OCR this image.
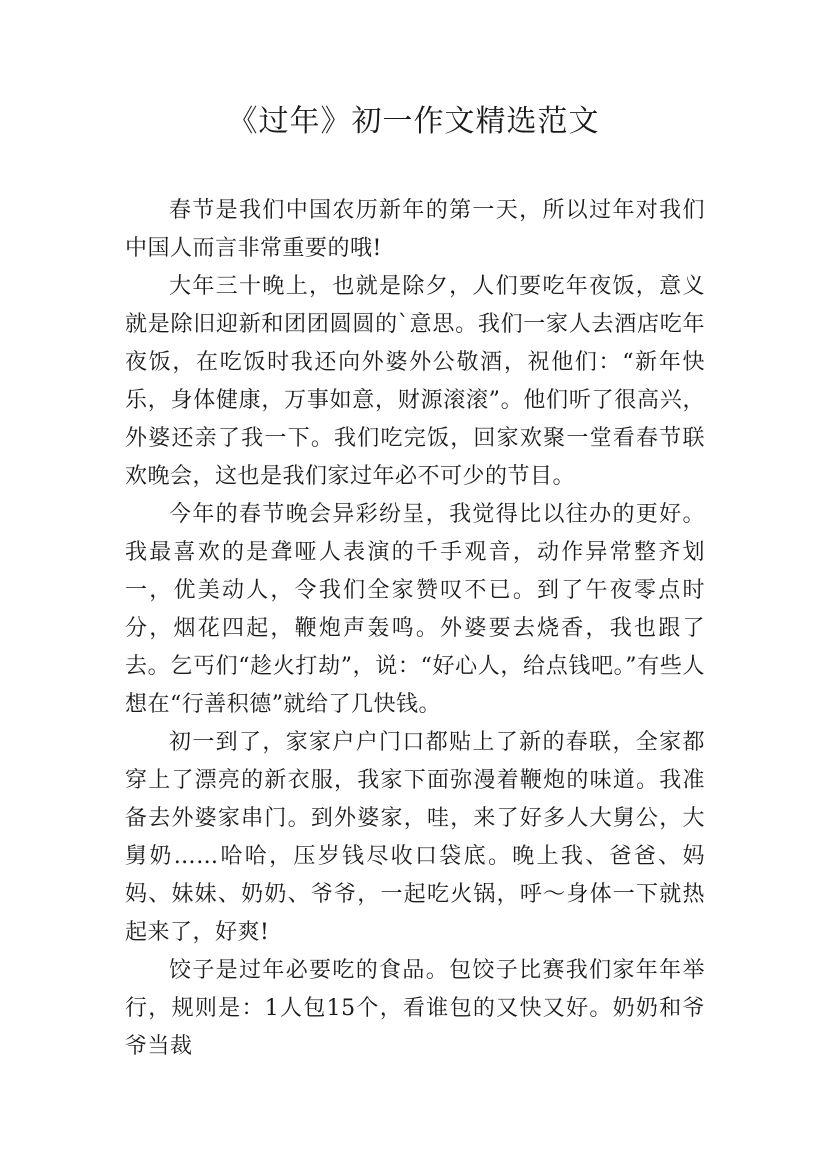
《过年》初一作文精选范文

春节是我们中国农历新年的第一天，所以过年对我们中国人而言非常重要的哦!

大年三十晚上，也就是除夕，人们要吃年夜饭，意义就是除旧迎新和团团圆圆的`意思。我们一家人去酒店吃年夜饭，在吃饭时我还向外婆外公敬酒，祝他们：“新年快乐，身体健康，万事如意，财源滚滚”。他们听了很高兴，外婆还亲了我一下。我们吃完饭，回家欢聚一堂看春节联欢晚会，这也是我们家过年必不可少的节目。

今年的春节晚会异彩纷呈，我觉得比以往办的更好。我最喜欢的是聋哑人表演的千手观音，动作异常整齐划一，优美动人，令我们全家赞叹不已。到了午夜零点时分，烟花四起，鞭炮声轰鸣。外婆要去烧香，我也跟了去。乞丐们“趁火打劫”，说：“好心人，给点钱吧。”有些人想在“行善积德”就给了几快钱。

初一到了，家家户户门口都贴上了新的春联，全家都穿上了漂亮的新衣服，我家下面弥漫着鞭炮的味道。我准备去外婆家串门。到外婆家，哇，来了好多人大舅公，大舅奶……哈哈，压岁钱尽收口袋底。晚上我、爸爸、妈妈、妹妹、奶奶、爷爷，一起吃火锅，呼～身体一下就热起来了，好爽!

饺子是过年必要吃的食品。包饺子比赛我们家年年举行，规则是：1人包15个，看谁包的又快又好。奶奶和爷爷当裁
